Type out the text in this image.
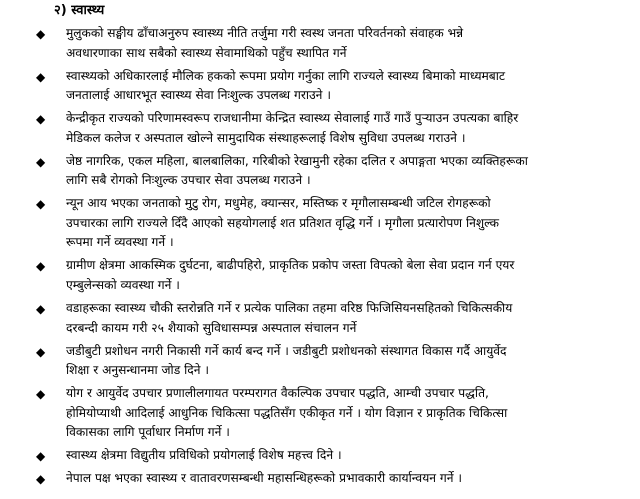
२) स्वास्थ्य
◆ मुलुकको सङ्घीय ढाँचाअनुरुप स्वास्थ्य नीति तर्जुमा गरी स्वस्थ जनता परिवर्तनको संवाहक भन्ने
अवधारणाका साथ सबैको स्वास्थ्य सेवामाथिको पहुँच स्थापित गर्ने
◆ स्वास्थ्यको अधिकारलाई मौलिक हकको रूपमा प्रयोग गर्नुका लागि राज्यले स्वास्थ्य बिमाको माध्यमबाट
जनतालाई आधारभूत स्वास्थ्य सेवा निःशुल्क उपलब्ध गराउने ।
◆ केन्द्रीकृत राज्यको परिणामस्वरूप राजधानीमा केन्द्रित स्वास्थ्य सेवालाई गाउँ गाउँ पुऱ्याउन उपत्यका बाहिर
मेडिकल कलेज र अस्पताल खोल्ने सामुदायिक संस्थाहरूलाई विशेष सुविधा उपलब्ध गराउने ।
◆ जेष्ठ नागरिक, एकल महिला, बालबालिका, गरिबीको रेखामुनी रहेका दलित र अपाङ्गता भएका व्यक्तिहरूका
लागि सबै रोगको निःशुल्क उपचार सेवा उपलब्ध गराउने ।
◆ न्यून आय भएका जनताको मुटु रोग, मधुमेह, क्यान्सर, मस्तिष्क र मृगौलासम्बन्धी जटिल रोगहरूको
उपचारका लागि राज्यले दिँदै आएको सहयोगलाई शत प्रतिशत वृद्धि गर्ने । मृगौला प्रत्यारोपण निशुल्क
रूपमा गर्ने व्यवस्था गर्ने ।
◆ ग्रामीण क्षेत्रमा आकस्मिक दुर्घटना, बाढीपहिरो, प्राकृतिक प्रकोप जस्ता विपत्को बेला सेवा प्रदान गर्न एयर
एम्बुलेन्सको व्यवस्था गर्ने ।
◆ वडाहरूका स्वास्थ्य चौकी स्तरोन्नति गर्ने र प्रत्येक पालिका तहमा वरिष्ठ फिजिसियनसहितको चिकित्सकीय
दरबन्दी कायम गरी २५ शैयाको सुविधासम्पन्न अस्पताल संचालन गर्ने
◆ जडीबुटी प्रशोधन नगरी निकासी गर्ने कार्य बन्द गर्ने । जडीबुटी प्रशोधनको संस्थागत विकास गर्दै आयुर्वेद
शिक्षा र अनुसन्धानमा जोड दिने ।
◆ योग र आयुर्वेद उपचार प्रणालीलगायत परम्परागत वैकल्पिक उपचार पद्धति, आम्ची उपचार पद्धति,
होमियोप्याथी आदिलाई आधुनिक चिकित्सा पद्धतिसँग एकीकृत गर्ने । योग विज्ञान र प्राकृतिक चिकित्सा
विकासका लागि पूर्वाधार निर्माण गर्ने ।
◆ स्वास्थ्य क्षेत्रमा विद्युतीय प्रविधिको प्रयोगलाई विशेष महत्त्व दिने ।
◆ नेपाल पक्ष भएका स्वास्थ्य र वातावरणसम्बन्धी महासन्धिहरूको प्रभावकारी कार्यान्वयन गर्ने ।
